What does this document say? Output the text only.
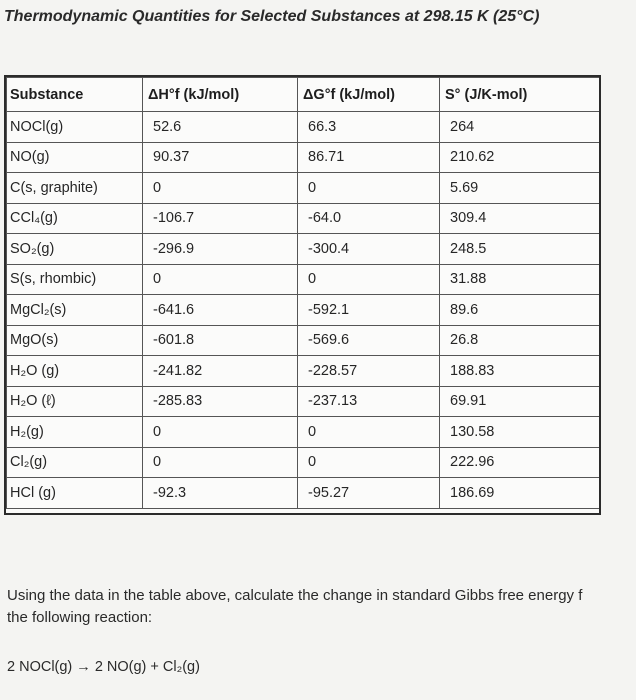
Thermodynamic Quantities for Selected Substances at 298.15 K (25°C)
Substance	ΔH°f (kJ/mol)	ΔG°f (kJ/mol)	S° (J/K-mol)
NOCl(g)	52.6	66.3	264
NO(g)	90.37	86.71	210.62
C(s, graphite)	0	0	5.69
CCl₄(g)	-106.7	-64.0	309.4
SO₂(g)	-296.9	-300.4	248.5
S(s, rhombic)	0	0	31.88
MgCl₂(s)	-641.6	-592.1	89.6
MgO(s)	-601.8	-569.6	26.8
H₂O (g)	-241.82	-228.57	188.83
H₂O (ℓ)	-285.83	-237.13	69.91
H₂(g)	0	0	130.58
Cl₂(g)	0	0	222.96
HCl (g)	-92.3	-95.27	186.69
Using the data in the table above, calculate the change in standard Gibbs free energy f
the following reaction:
2 NOCl(g) → 2 NO(g) + Cl₂(g)
